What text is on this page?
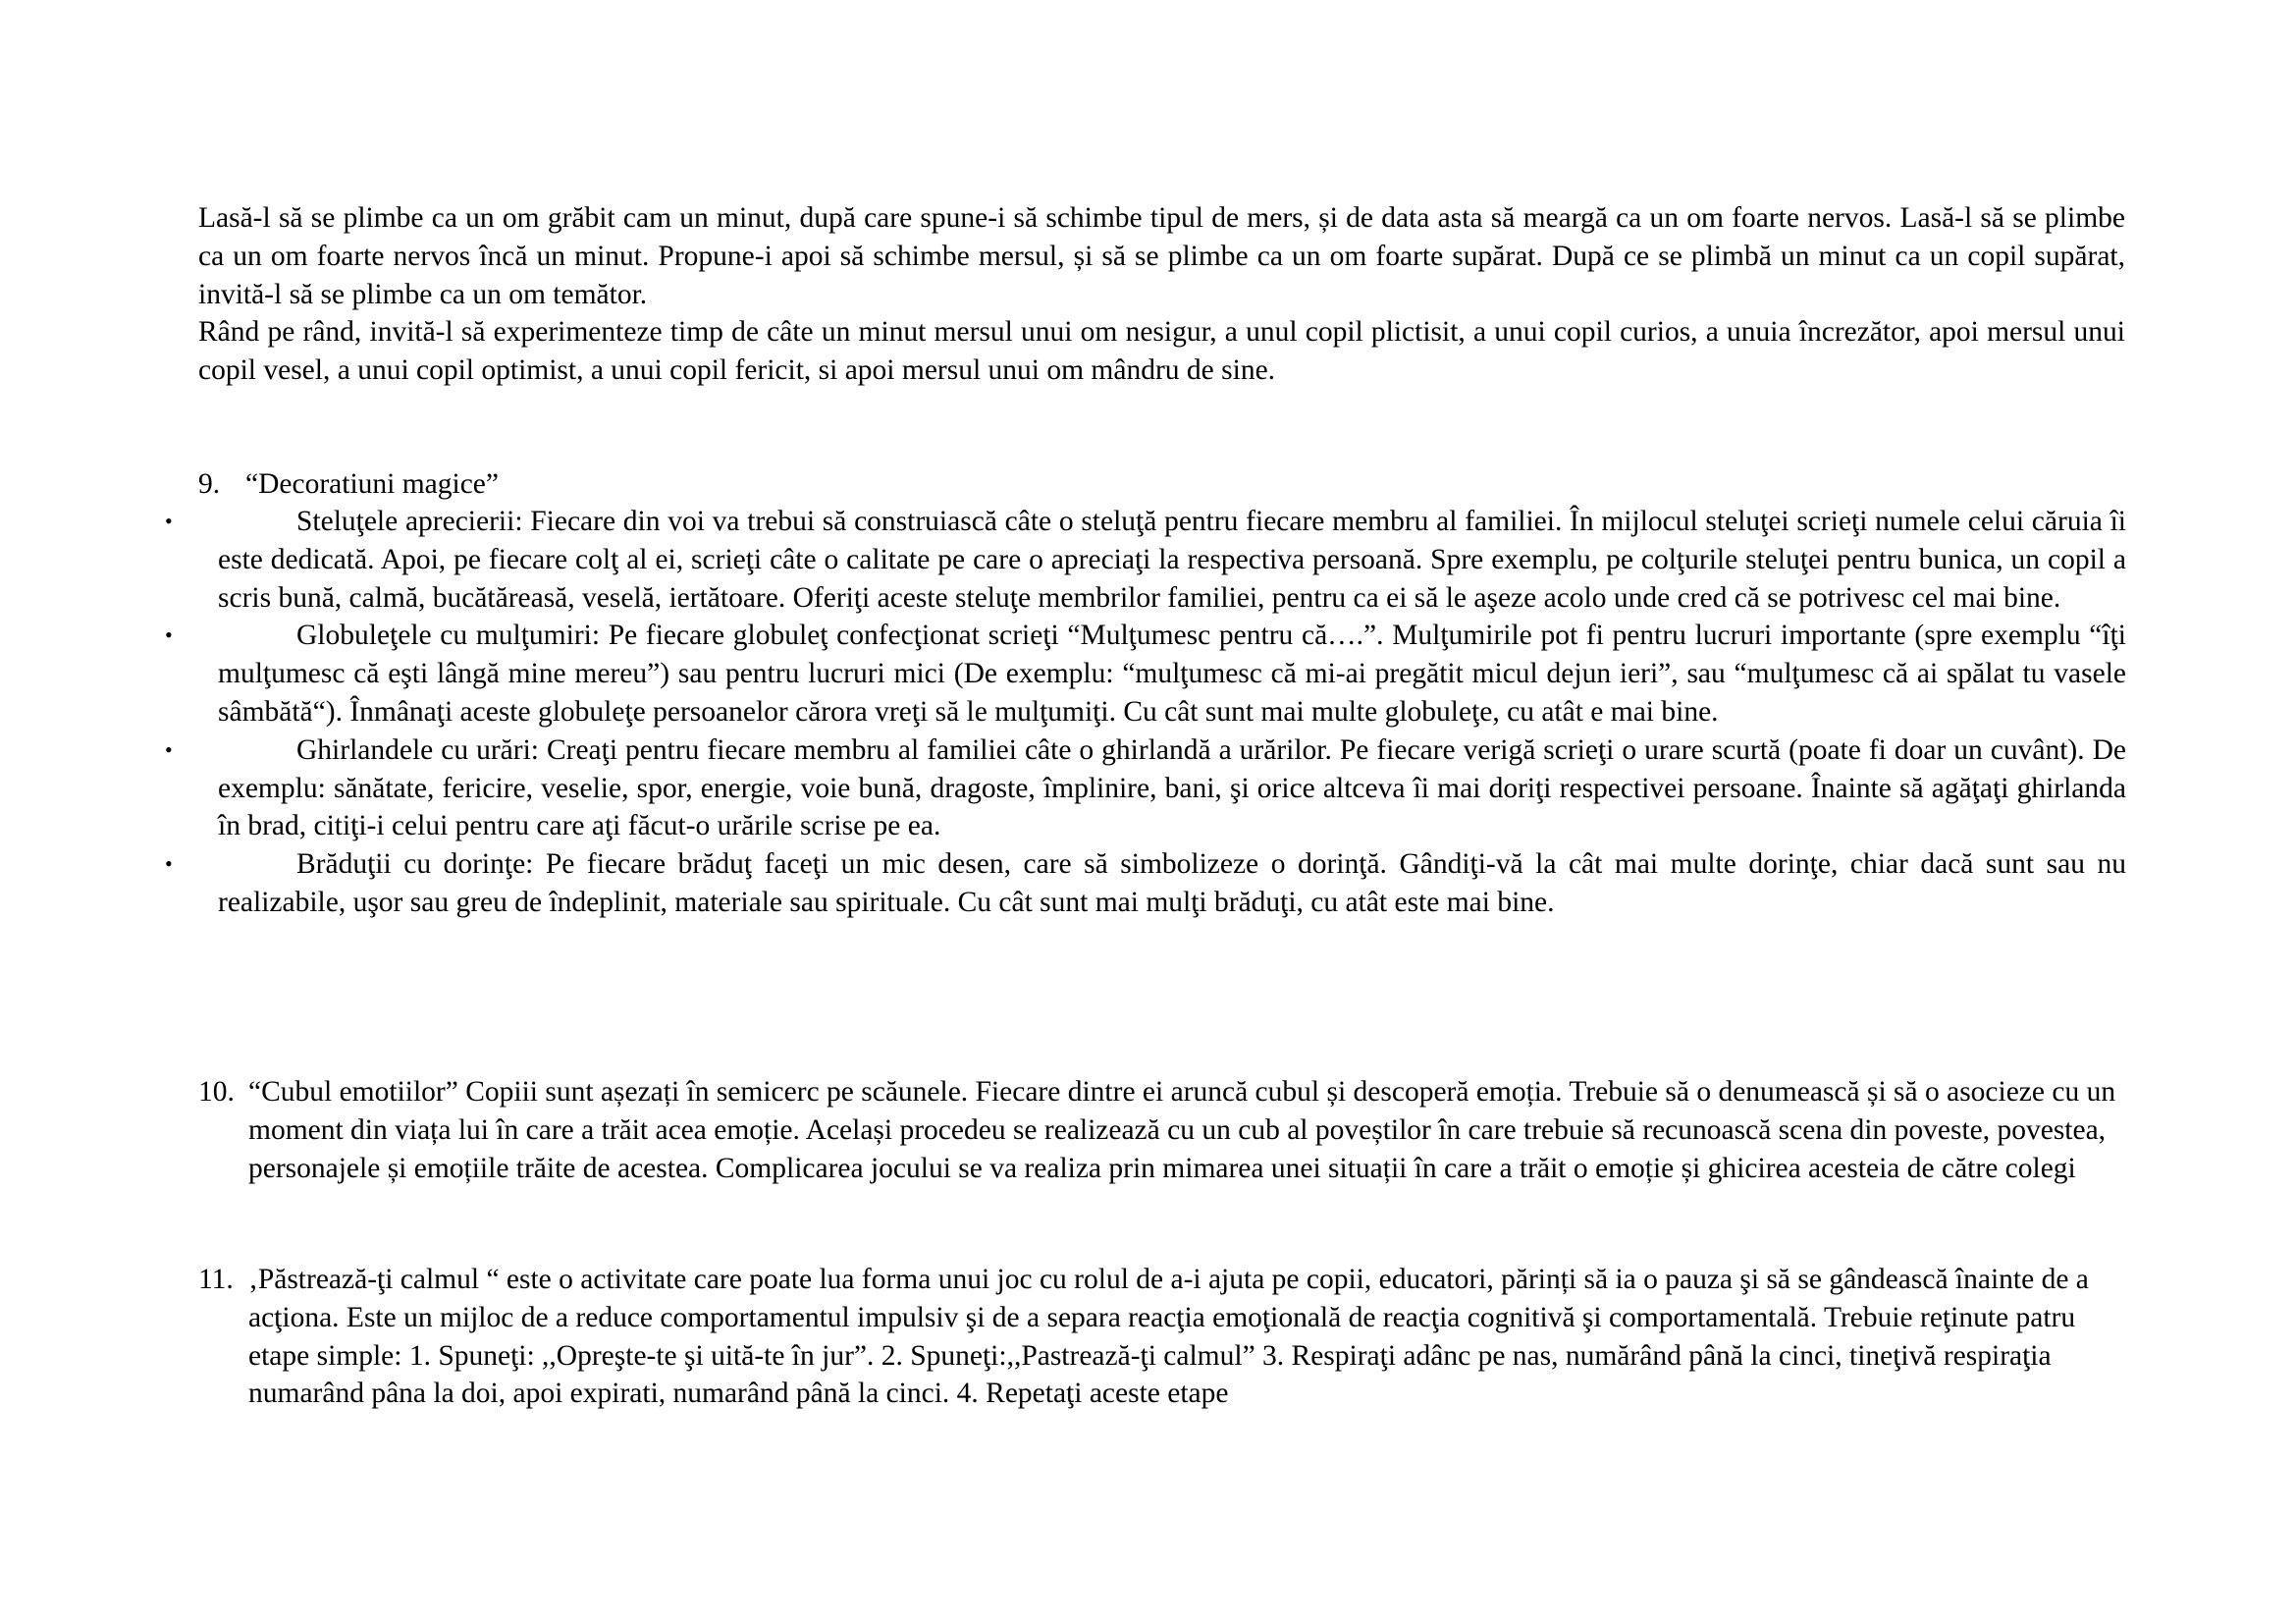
Lasă-l să se plimbe ca un om grăbit cam un minut, după care spune-i să schimbe tipul de mers, și de data asta să meargă ca un om foarte nervos. Lasă-l să se plimbe ca un om foarte nervos încă un minut. Propune-i apoi să schimbe mersul, și să se plimbe ca un om foarte supărat. După ce se plimbă un minut ca un copil supărat, invită-l să se plimbe ca un om temător.

Rând pe rând, invită-l să experimenteze timp de câte un minut mersul unui om nesigur, a unul copil plictisit, a unui copil curios, a unuia încrezător, apoi mersul unui copil vesel, a unui copil optimist, a unui copil fericit, si apoi mersul unui om mândru de sine.

9. “Decoratiuni magice”
•	Steluţele aprecierii: Fiecare din voi va trebui să construiască câte o steluţă pentru fiecare membru al familiei. În mijlocul steluţei scrieţi numele celui căruia îi este dedicată. Apoi, pe fiecare colţ al ei, scrieţi câte o calitate pe care o apreciaţi la respectiva persoană. Spre exemplu, pe colţurile steluţei pentru bunica, un copil a scris bună, calmă, bucătăreasă, veselă, iertătoare. Oferiţi aceste steluţe membrilor familiei, pentru ca ei să le aşeze acolo unde cred că se potrivesc cel mai bine.
•	Globuleţele cu mulţumiri: Pe fiecare globuleţ confecţionat scrieţi “Mulţumesc pentru că….”. Mulţumirile pot fi pentru lucruri importante (spre exemplu “îţi mulţumesc că eşti lângă mine mereu”) sau pentru lucruri mici (De exemplu: “mulţumesc că mi-ai pregătit micul dejun ieri”, sau “mulţumesc că ai spălat tu vasele sâmbătă“). Înmânaţi aceste globuleţe persoanelor cărora vreţi să le mulţumiţi. Cu cât sunt mai multe globuleţe, cu atât e mai bine.
•	Ghirlandele cu urări: Creaţi pentru fiecare membru al familiei câte o ghirlandă a urărilor. Pe fiecare verigă scrieţi o urare scurtă (poate fi doar un cuvânt). De exemplu: sănătate, fericire, veselie, spor, energie, voie bună, dragoste, împlinire, bani, şi orice altceva îi mai doriţi respectivei persoane. Înainte să agăţaţi ghirlanda în brad, citiţi-i celui pentru care aţi făcut-o urările scrise pe ea.
•	Brăduţii cu dorinţe: Pe fiecare brăduţ faceţi un mic desen, care să simbolizeze o dorinţă. Gândiţi-vă la cât mai multe dorinţe, chiar dacă sunt sau nu realizabile, uşor sau greu de îndeplinit, materiale sau spirituale. Cu cât sunt mai mulţi brăduţi, cu atât este mai bine.
10. “Cubul emotiilor” Copiii sunt așezați în semicerc pe scăunele. Fiecare dintre ei aruncă cubul și descoperă emoția. Trebuie să o denumească și să o asocieze cu un moment din viața lui în care a trăit acea emoție. Același procedeu se realizează cu un cub al poveștilor în care trebuie să recunoască scena din poveste, povestea, personajele și emoțiile trăite de acestea. Complicarea jocului se va realiza prin mimarea unei situații în care a trăit o emoție și ghicirea acesteia de către colegi
11. ‚Păstrează-ţi calmul “ este o activitate care poate lua forma unui joc cu rolul de a-i ajuta pe copii, educatori, părinți să ia o pauza şi să se gândească înainte de a acţiona. Este un mijloc de a reduce comportamentul impulsiv şi de a separa reacţia emoţională de reacţia cognitivă şi comportamentală. Trebuie reţinute patru etape simple: 1. Spuneţi: ,,Opreşte-te şi uită-te în jur”. 2. Spuneţi:,,Pastrează-ţi calmul” 3. Respiraţi adânc pe nas, numărând până la cinci, tineţivă respiraţia numarând pâna la doi, apoi expirati, numarând până la cinci. 4. Repetaţi aceste etape
